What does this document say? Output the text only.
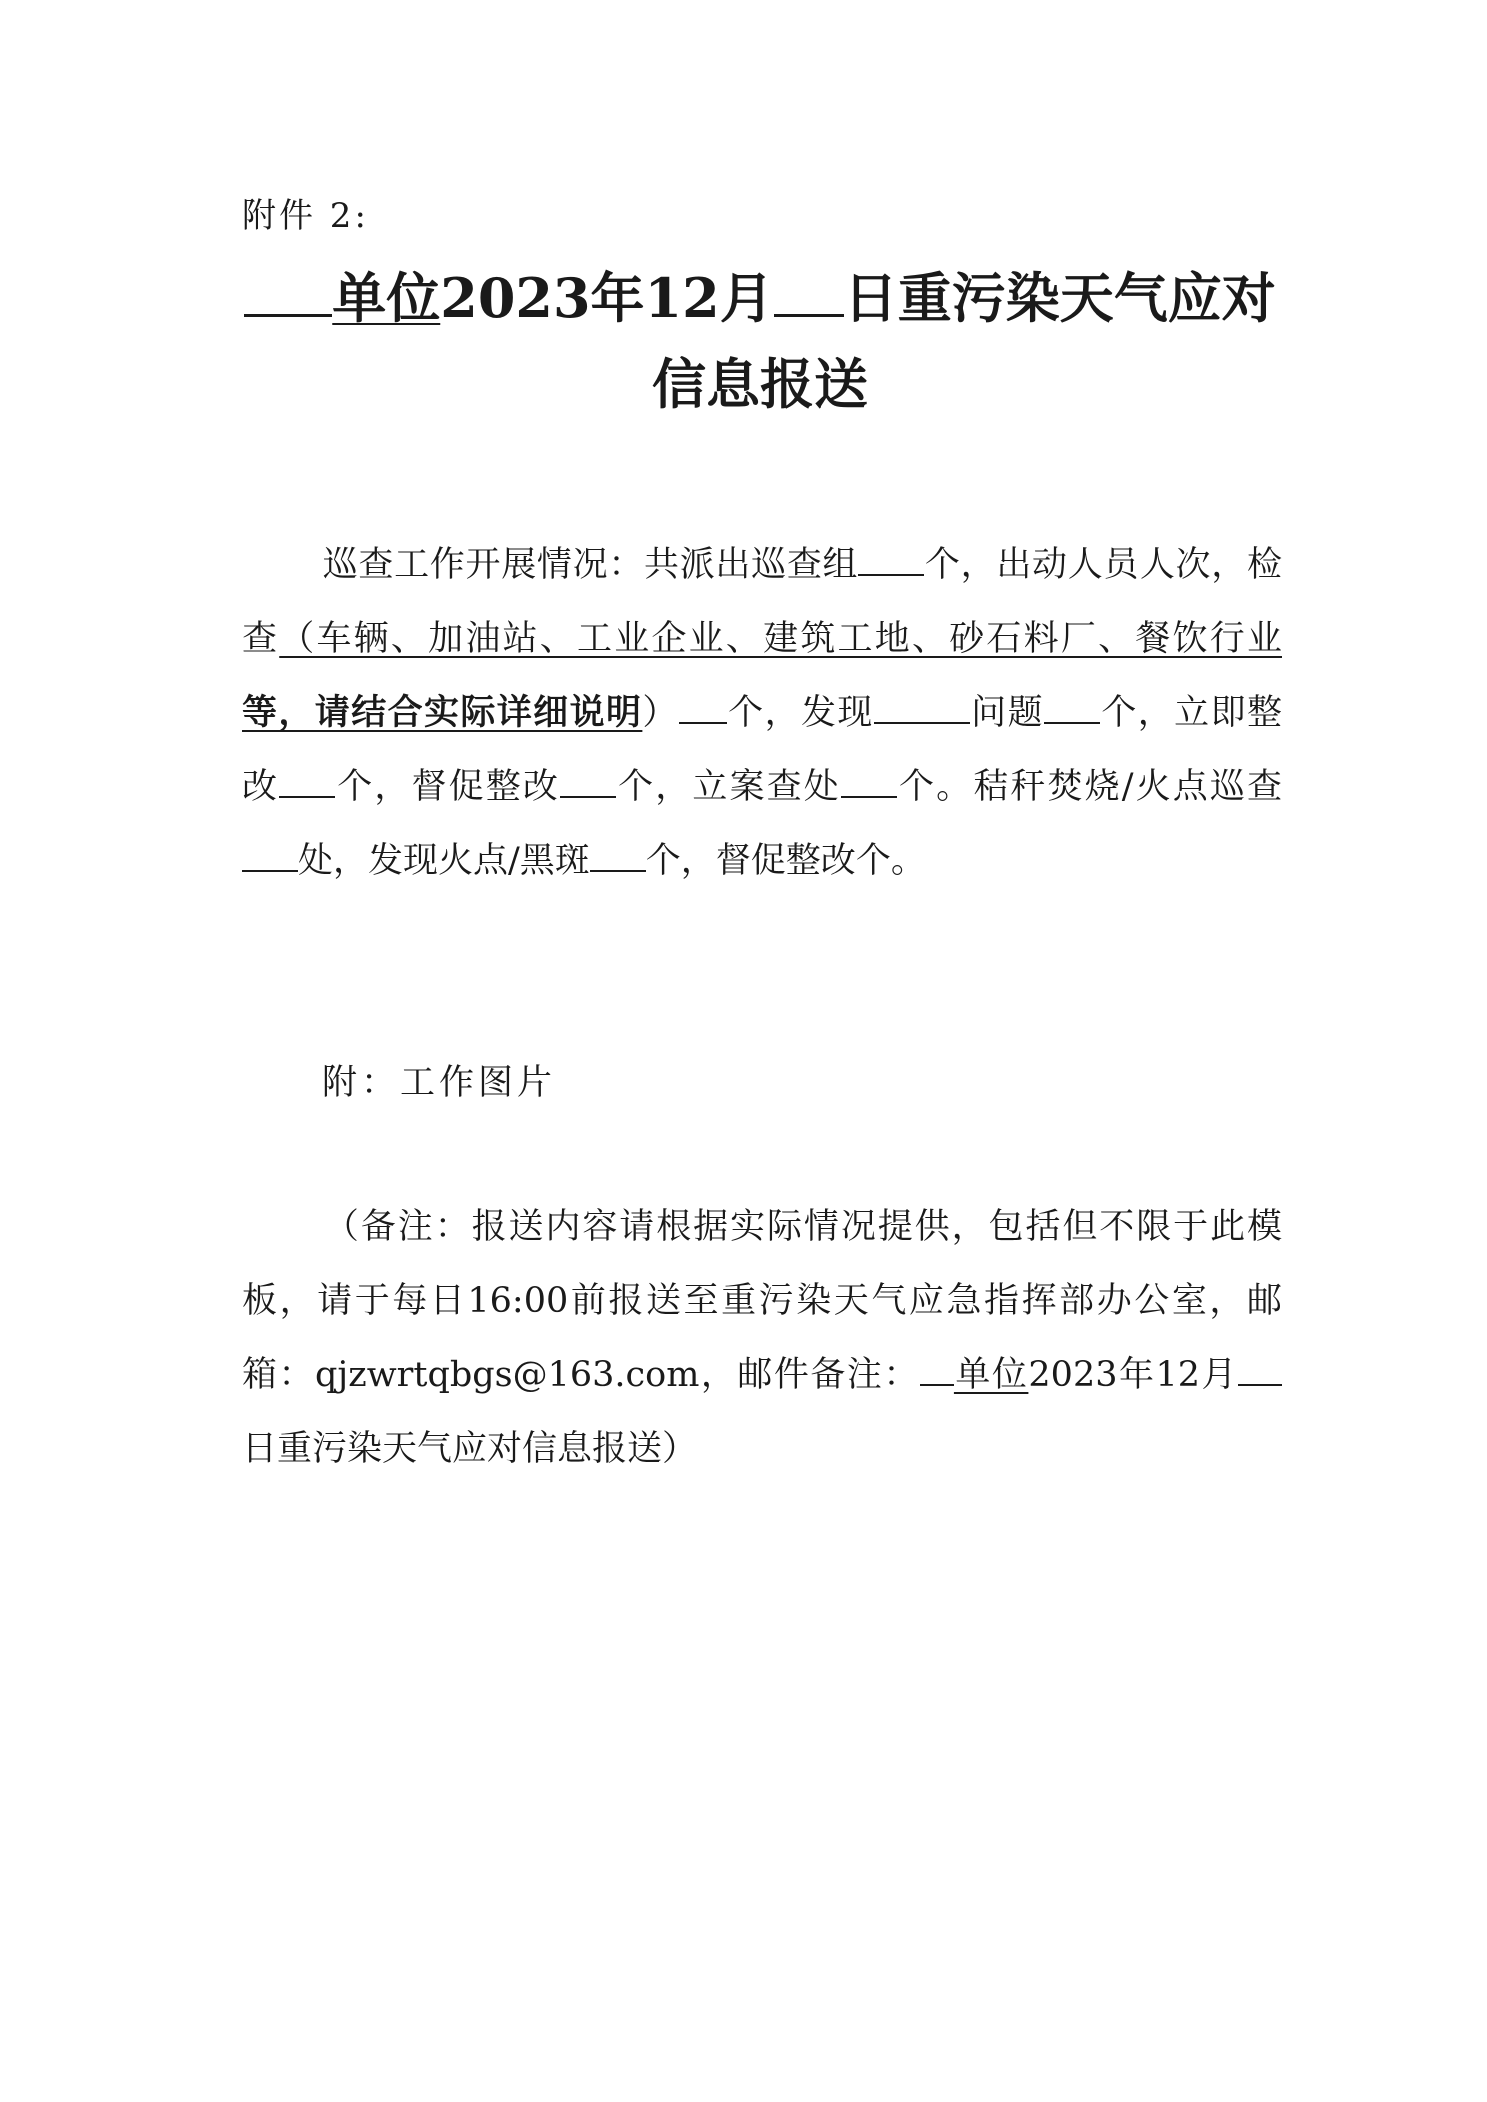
附件 2:
单位2023年12月 日重污染天气应对
信息报送
巡查工作开展情况：共派出巡查组 个，出动人员人次，检查（车辆、加油站、工业企业、建筑工地、砂石料厂、餐饮行业等，请结合实际详细说明） 个，发现	问题 个，立即整改 个，督促整改 个，立案查处 个。秸秆焚烧/火点巡查处，发现火点/黑斑 个，督促整改个。
附：工作图片
（备注：报送内容请根据实际情况提供，包括但不限于此模板，请于每日16:00前报送至重污染天气应急指挥部办公室，邮箱：qjzwrtqbgs@163.com，邮件备注： 单位2023年12月日重污染天气应对信息报送）
